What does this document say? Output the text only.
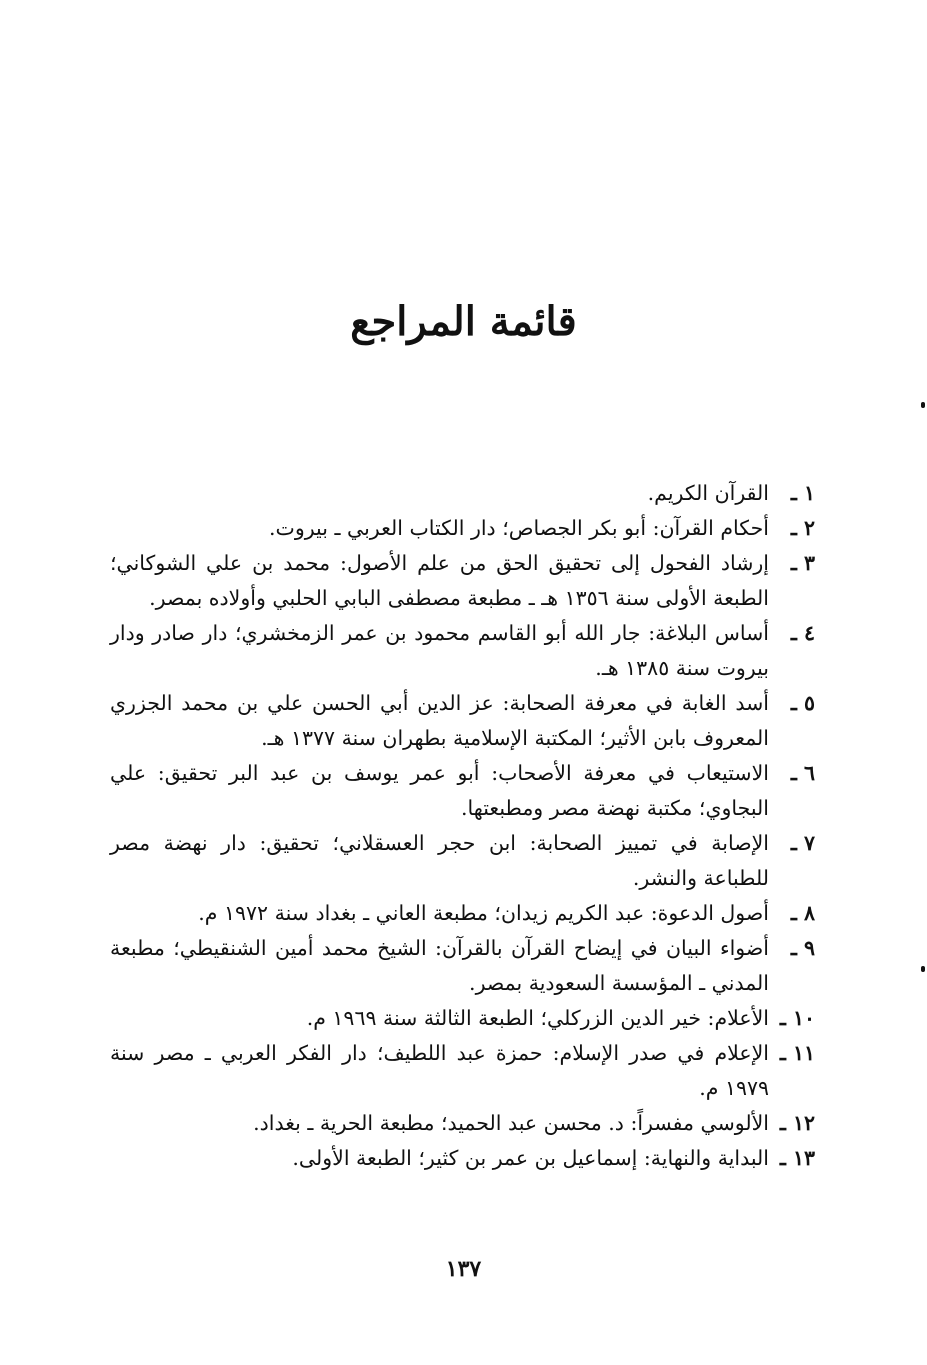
قائمة المراجع
١ ـ
القرآن الكريم.
٢ ـ
أحكام القرآن: أبو بكر الجصاص؛ دار الكتاب العربي ـ بيروت.
٣ ـ
إرشاد الفحول إلى تحقيق الحق من علم الأصول: محمد بن علي الشوكاني؛ الطبعة الأولى سنة ١٣٥٦ هـ ـ مطبعة مصطفى البابي الحلبي وأولاده بمصر.
٤ ـ
أساس البلاغة: جار الله أبو القاسم محمود بن عمر الزمخشري؛ دار صادر ودار بيروت سنة ١٣٨٥ هـ.
٥ ـ
أسد الغابة في معرفة الصحابة: عز الدين أبي الحسن علي بن محمد الجزري المعروف بابن الأثير؛ المكتبة الإسلامية بطهران سنة ١٣٧٧ هـ.
٦ ـ
الاستيعاب في معرفة الأصحاب: أبو عمر يوسف بن عبد البر تحقيق: علي البجاوي؛ مكتبة نهضة مصر ومطبعتها.
٧ ـ
الإصابة في تمييز الصحابة: ابن حجر العسقلاني؛ تحقيق: دار نهضة مصر للطباعة والنشر.
٨ ـ
أصول الدعوة: عبد الكريم زيدان؛ مطبعة العاني ـ بغداد سنة ١٩٧٢ م.
٩ ـ
أضواء البيان في إيضاح القرآن بالقرآن: الشيخ محمد أمين الشنقيطي؛ مطبعة المدني ـ المؤسسة السعودية بمصر.
١٠ ـ
الأعلام: خير الدين الزركلي؛ الطبعة الثالثة سنة ١٩٦٩ م.
١١ ـ
الإعلام في صدر الإسلام: حمزة عبد اللطيف؛ دار الفكر العربي ـ مصر سنة ١٩٧٩ م.
١٢ ـ
الألوسي مفسراً: د. محسن عبد الحميد؛ مطبعة الحرية ـ بغداد.
١٣ ـ
البداية والنهاية: إسماعيل بن عمر بن كثير؛ الطبعة الأولى.
١٣٧
